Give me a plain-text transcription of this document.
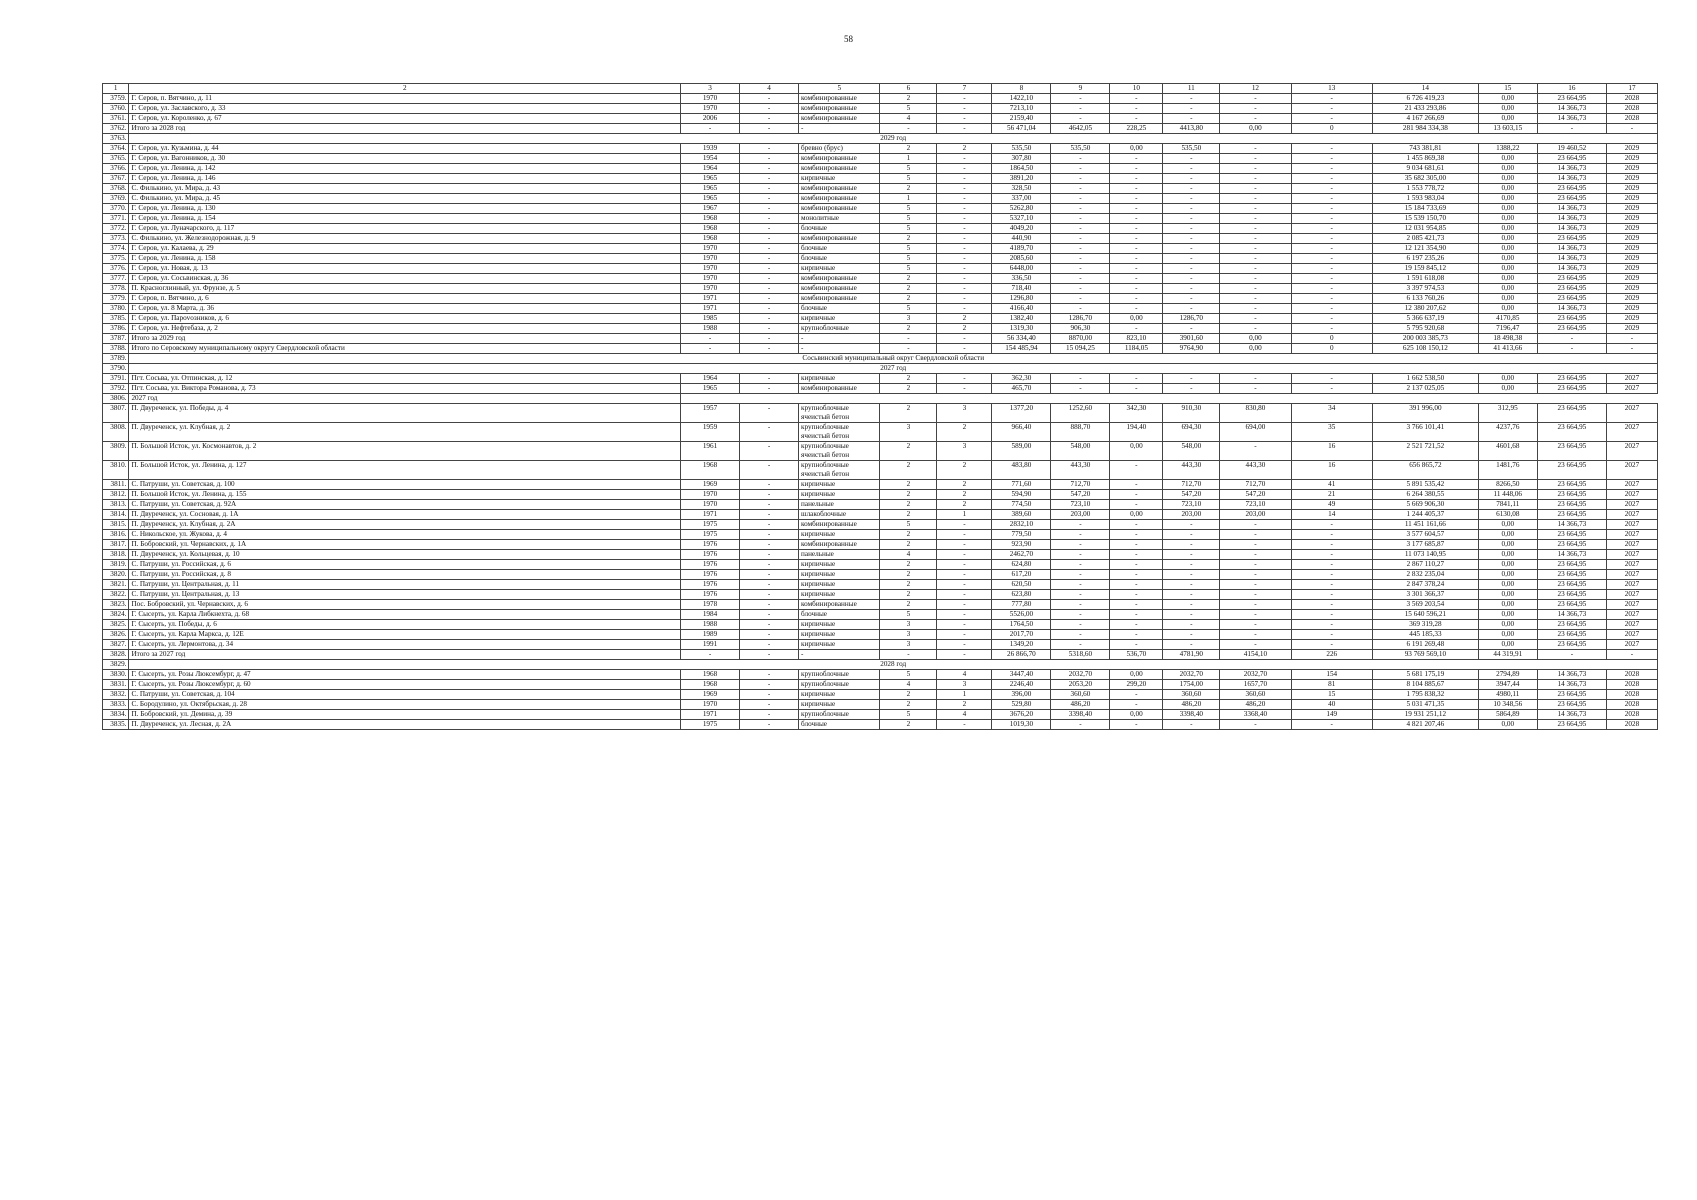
58
1	2	3	4	5	6	7	8	9	10	11	12	13	14	15	16	17
3759.	Г. Серов, п. Вятчино, д. 11	1970	-	комбинированные	2	-	1422,10	-	-	-	-	-	6 726 419,23	0,00	23 664,95	2028
3760.	Г. Серов, ул. Заславского, д. 33	1970	-	комбинированные	5	-	7213,10	-	-	-	-	-	21 433 293,86	0,00	14 366,73	2028
3761.	Г. Серов, ул. Короленко, д. 67	2006	-	комбинированные	4	-	2159,40	-	-	-	-	-	4 167 266,69	0,00	14 366,73	2028
3762.	Итого за 2028 год	-	-	-	-	-	56 471,04	4642,05	228,25	4413,80	0,00	0	281 984 334,38	13 603,15	-	-
3763.	2029 год															
3764.	Г. Серов, ул. Кузьмина, д. 44	1939	-	бревно (брус)	2	2	535,50	535,50	0,00	535,50	-	-	743 381,81	1388,22	19 460,52	2029
3765.	Г. Серов, ул. Вагонников, д. 30	1954	-	комбинированные	1	-	307,80	-	-	-	-	-	1 455 869,38	0,00	23 664,95	2029
3766.	Г. Серов, ул. Ленина, д. 142	1964	-	комбинированные	5	-	1864,50	-	-	-	-	-	9 034 681,61	0,00	14 366,73	2029
3767.	Г. Серов, ул. Ленина, д. 146	1965	-	кирпичные	5	-	3891,20	-	-	-	-	-	35 682 305,00	0,00	14 366,73	2029
3768.	С. Филькино, ул. Мира, д. 43	1965	-	комбинированные	2	-	328,50	-	-	-	-	-	1 553 778,72	0,00	23 664,95	2029
3769.	С. Филькино, ул. Мира, д. 45	1965	-	комбинированные	1	-	337,00	-	-	-	-	-	1 593 983,04	0,00	23 664,95	2029
3770.	Г. Серов, ул. Ленина, д. 130	1967	-	комбинированные	5	-	5262,80	-	-	-	-	-	15 184 733,69	0,00	14 366,73	2029
3771.	Г. Серов, ул. Ленина, д. 154	1968	-	монолитные	5	-	5327,10	-	-	-	-	-	15 539 150,70	0,00	14 366,73	2029
3772.	Г. Серов, ул. Луначарского, д. 117	1968	-	блочные	5	-	4049,20	-	-	-	-	-	12 031 954,85	0,00	14 366,73	2029
3773.	С. Филькино, ул. Железнодорожная, д. 9	1968	-	комбинированные	2	-	440,90	-	-	-	-	-	2 085 421,73	0,00	23 664,95	2029
3774.	Г. Серов, ул. Калаева, д. 29	1970	-	блочные	5	-	4189,70	-	-	-	-	-	12 121 354,90	0,00	14 366,73	2029
3775.	Г. Серов, ул. Ленина, д. 158	1970	-	блочные	5	-	2085,60	-	-	-	-	-	6 197 235,26	0,00	14 366,73	2029
3776.	Г. Серов, ул. Новая, д. 13	1970	-	кирпичные	5	-	6448,00	-	-	-	-	-	19 159 845,12	0,00	14 366,73	2029
3777.	Г. Серов, ул. Сосьвинская, д. 36	1970	-	комбинированные	2	-	336,50	-	-	-	-	-	1 591 618,08	0,00	23 664,95	2029
3778.	П. Красноглинный, ул. Фрунзе, д. 5	1970	-	комбинированные	2	-	718,40	-	-	-	-	-	3 397 974,53	0,00	23 664,95	2029
3779.	Г. Серов, п. Вятчино, д. 6	1971	-	комбинированные	2	-	1296,80	-	-	-	-	-	6 133 760,26	0,00	23 664,95	2029
3780.	Г. Серов, ул. 8 Марта, д. 36	1971	-	блочные	5	-	4166,40	-	-	-	-	-	12 380 207,62	0,00	14 366,73	2029
3785.	Г. Серов, ул. Парovoзников, д. 6	1985	-	кирпичные	3	2	1382,40	1286,70	0,00	1286,70	-	-	5 366 637,19	4170,85	23 664,95	2029
3786.	Г. Серов, ул. Нефтебаза, д. 2	1988	-	крупноблочные	2	2	1319,30	906,30	-	-	-	-	5 795 920,68	7196,47	23 664,95	2029
3787.	Итого за 2029 год	-	-	-	-	-	56 334,40	8870,00	823,10	3901,60	0,00	0	200 003 385,73	18 498,38	-	-
3788.	Итого по Серовскому муниципальному округу Свердловской области	-	-	-	-	-	154 485,94	15 094,25	1184,05	9764,90	0,00	0	625 108 150,12	41 413,66	-	-
3789.	Сосьвинский муниципальный округ Свердловской области															
3790.	2027 год															
3791.	Пгт. Сосьва, ул. Отпинская, д. 12	1964	-	кирпичные	2	-	362,30	-	-	-	-	-	1 662 538,50	0,00	23 664,95	2027
3792.	Пгт. Сосьва, ул. Виктора Романова, д. 73	1965	-	комбинированные	2	-	465,70	-	-	-	-	-	2 137 025,05	0,00	23 664,95	2027
3806.	2027 год															
3807.	П. Двуреченск, ул. Победы, д. 4	1957	-	крупноблочные ячеистый бетон	2	3	1377,20	1252,60	342,30	910,30	830,80	34	391 996,00	312,95	23 664,95	2027
3808.	П. Двуреченск, ул. Клубная, д. 2	1959	-	крупноблочные ячеистый бетон	3	2	966,40	888,70	194,40	694,30	694,00	35	3 766 101,41	4237,76	23 664,95	2027
3809.	П. Большой Исток, ул. Космонавтов, д. 2	1961	-	крупноблочные ячеистый бетон	2	3	589,00	548,00	0,00	548,00	-	16	2 521 721,52	4601,68	23 664,95	2027
3810.	П. Большой Исток, ул. Ленина, д. 127	1968	-	крупноблочные ячеистый бетон	2	2	483,80	443,30	-	443,30	443,30	16	656 865,72	1481,76	23 664,95	2027
3811.	С. Патруши, ул. Советская, д. 100	1969	-	кирпичные	2	2	771,60	712,70	-	712,70	712,70	41	5 891 535,42	8266,50	23 664,95	2027
3812.	П. Большой Исток, ул. Ленина, д. 155	1970	-	кирпичные	2	2	594,90	547,20	-	547,20	547,20	21	6 264 380,55	11 448,06	23 664,95	2027
3813.	С. Патруши, ул. Советская, д. 92А	1970	-	панельные	2	2	774,50	723,10	-	723,10	723,10	49	5 669 906,30	7841,11	23 664,95	2027
3814.	П. Двуреченск, ул. Сосновая, д. 1А	1971	-	шлакоблочные	2	1	389,60	203,00	0,00	203,00	203,00	14	1 244 405,37	6130,08	23 664,95	2027
3815.	П. Двуреченск, ул. Клубная, д. 2А	1975	-	комбинированные	5	-	2832,10	-	-	-	-	-	11 451 161,66	0,00	14 366,73	2027
3816.	С. Никольское, ул. Жукова, д. 4	1975	-	кирпичные	2	-	779,50	-	-	-	-	-	3 577 604,57	0,00	23 664,95	2027
3817.	П. Бобровский, ул. Чернавских, д. 1А	1976	-	комбинированные	2	-	923,90	-	-	-	-	-	3 177 685,87	0,00	23 664,95	2027
3818.	П. Двуреченск, ул. Кольцевая, д. 10	1976	-	панельные	4	-	2462,70	-	-	-	-	-	11 073 140,95	0,00	14 366,73	2027
3819.	С. Патруши, ул. Российская, д. 6	1976	-	кирпичные	2	-	624,80	-	-	-	-	-	2 867 110,27	0,00	23 664,95	2027
3820.	С. Патруши, ул. Российская, д. 8	1976	-	кирпичные	2	-	617,20	-	-	-	-	-	2 832 235,04	0,00	23 664,95	2027
3821.	С. Патруши, ул. Центральная, д. 11	1976	-	кирпичные	2	-	620,50	-	-	-	-	-	2 847 378,24	0,00	23 664,95	2027
3822.	С. Патруши, ул. Центральная, д. 13	1976	-	кирпичные	2	-	623,80	-	-	-	-	-	3 301 366,37	0,00	23 664,95	2027
3823.	Пос. Бобровский, ул. Чернавских, д. 6	1978	-	комбинированные	2	-	777,80	-	-	-	-	-	3 569 203,54	0,00	23 664,95	2027
3824.	Г. Сысерть, ул. Карла Либкнехта, д. 68	1984	-	блочные	5	-	5526,00	-	-	-	-	-	15 640 596,21	0,00	14 366,73	2027
3825.	Г. Сысерть, ул. Победы, д. 6	1988	-	кирпичные	3	-	1764,50	-	-	-	-	-	369 319,28	0,00	23 664,95	2027
3826.	Г. Сысерть, ул. Карла Маркса, д. 12Е	1989	-	кирпичные	3	-	2017,70	-	-	-	-	-	445 185,33	0,00	23 664,95	2027
3827.	Г. Сысерть, ул. Лермонтова, д. 34	1991	-	кирпичные	3	-	1349,20	-	-	-	-	-	6 191 269,48	0,00	23 664,95	2027
3828.	Итого за 2027 год	-	-	-	-	-	26 866,70	5318,60	536,70	4781,90	4154,10	226	93 769 569,10	44 319,91	-	-
3829.	2028 год															
3830.	Г. Сысерть, ул. Розы Люксембург, д. 47	1968	-	крупноблочные	5	4	3447,40	2032,70	0,00	2032,70	2032,70	154	5 681 175,19	2794,89	14 366,73	2028
3831.	Г. Сысерть, ул. Розы Люксембург, д. 60	1968	-	крупноблочные	4	3	2246,40	2053,20	299,20	1754,00	1657,70	81	8 104 885,67	3947,44	14 366,73	2028
3832.	С. Патруши, ул. Советская, д. 104	1969	-	кирпичные	2	1	396,00	360,60	-	360,60	360,60	15	1 795 838,32	4980,11	23 664,95	2028
3833.	С. Бородулино, ул. Октябрьская, д. 28	1970	-	кирпичные	2	2	529,80	486,20	-	486,20	486,20	40	5 031 471,35	10 348,56	23 664,95	2028
3834.	П. Бобровский, ул. Демина, д. 39	1971	-	крупноблочные	5	4	3676,20	3398,40	0,00	3398,40	3368,40	149	19 931 251,12	5864,89	14 366,73	2028
3835.	П. Двуреченск, ул. Лесная, д. 2А	1975	-	блочные	2	-	1019,30	-	-	-	-	-	4 821 207,46	0,00	23 664,95	2028
